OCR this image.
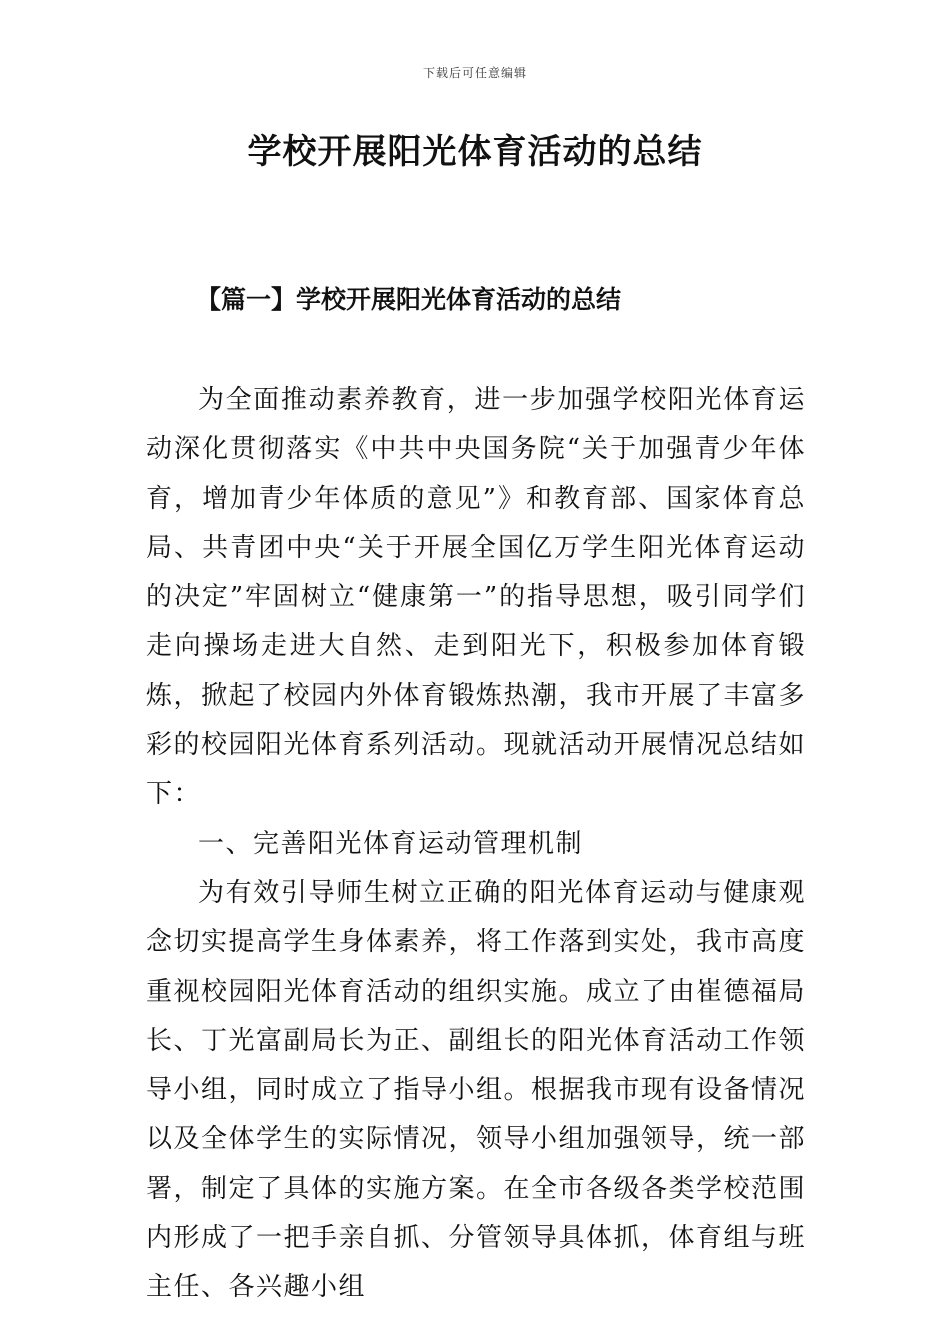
下载后可任意编辑
学校开展阳光体育活动的总结
【篇一】学校开展阳光体育活动的总结

为全面推动素养教育，进一步加强学校阳光体育运动深化贯彻落实《中共中央国务院“关于加强青少年体育，增加青少年体质的意见”》和教育部、国家体育总局、共青团中央“关于开展全国亿万学生阳光体育运动的决定”牢固树立“健康第一”的指导思想，吸引同学们走向操场走进大自然、走到阳光下，积极参加体育锻炼，掀起了校园内外体育锻炼热潮，我市开展了丰富多彩的校园阳光体育系列活动。现就活动开展情况总结如下：

一、完善阳光体育运动管理机制

为有效引导师生树立正确的阳光体育运动与健康观念切实提高学生身体素养，将工作落到实处，我市高度重视校园阳光体育活动的组织实施。成立了由崔德福局长、丁光富副局长为正、副组长的阳光体育活动工作领导小组，同时成立了指导小组。根据我市现有设备情况以及全体学生的实际情况，领导小组加强领导，统一部署，制定了具体的实施方案。在全市各级各类学校范围内形成了一把手亲自抓、分管领导具体抓，体育组与班主任、各兴趣小组
